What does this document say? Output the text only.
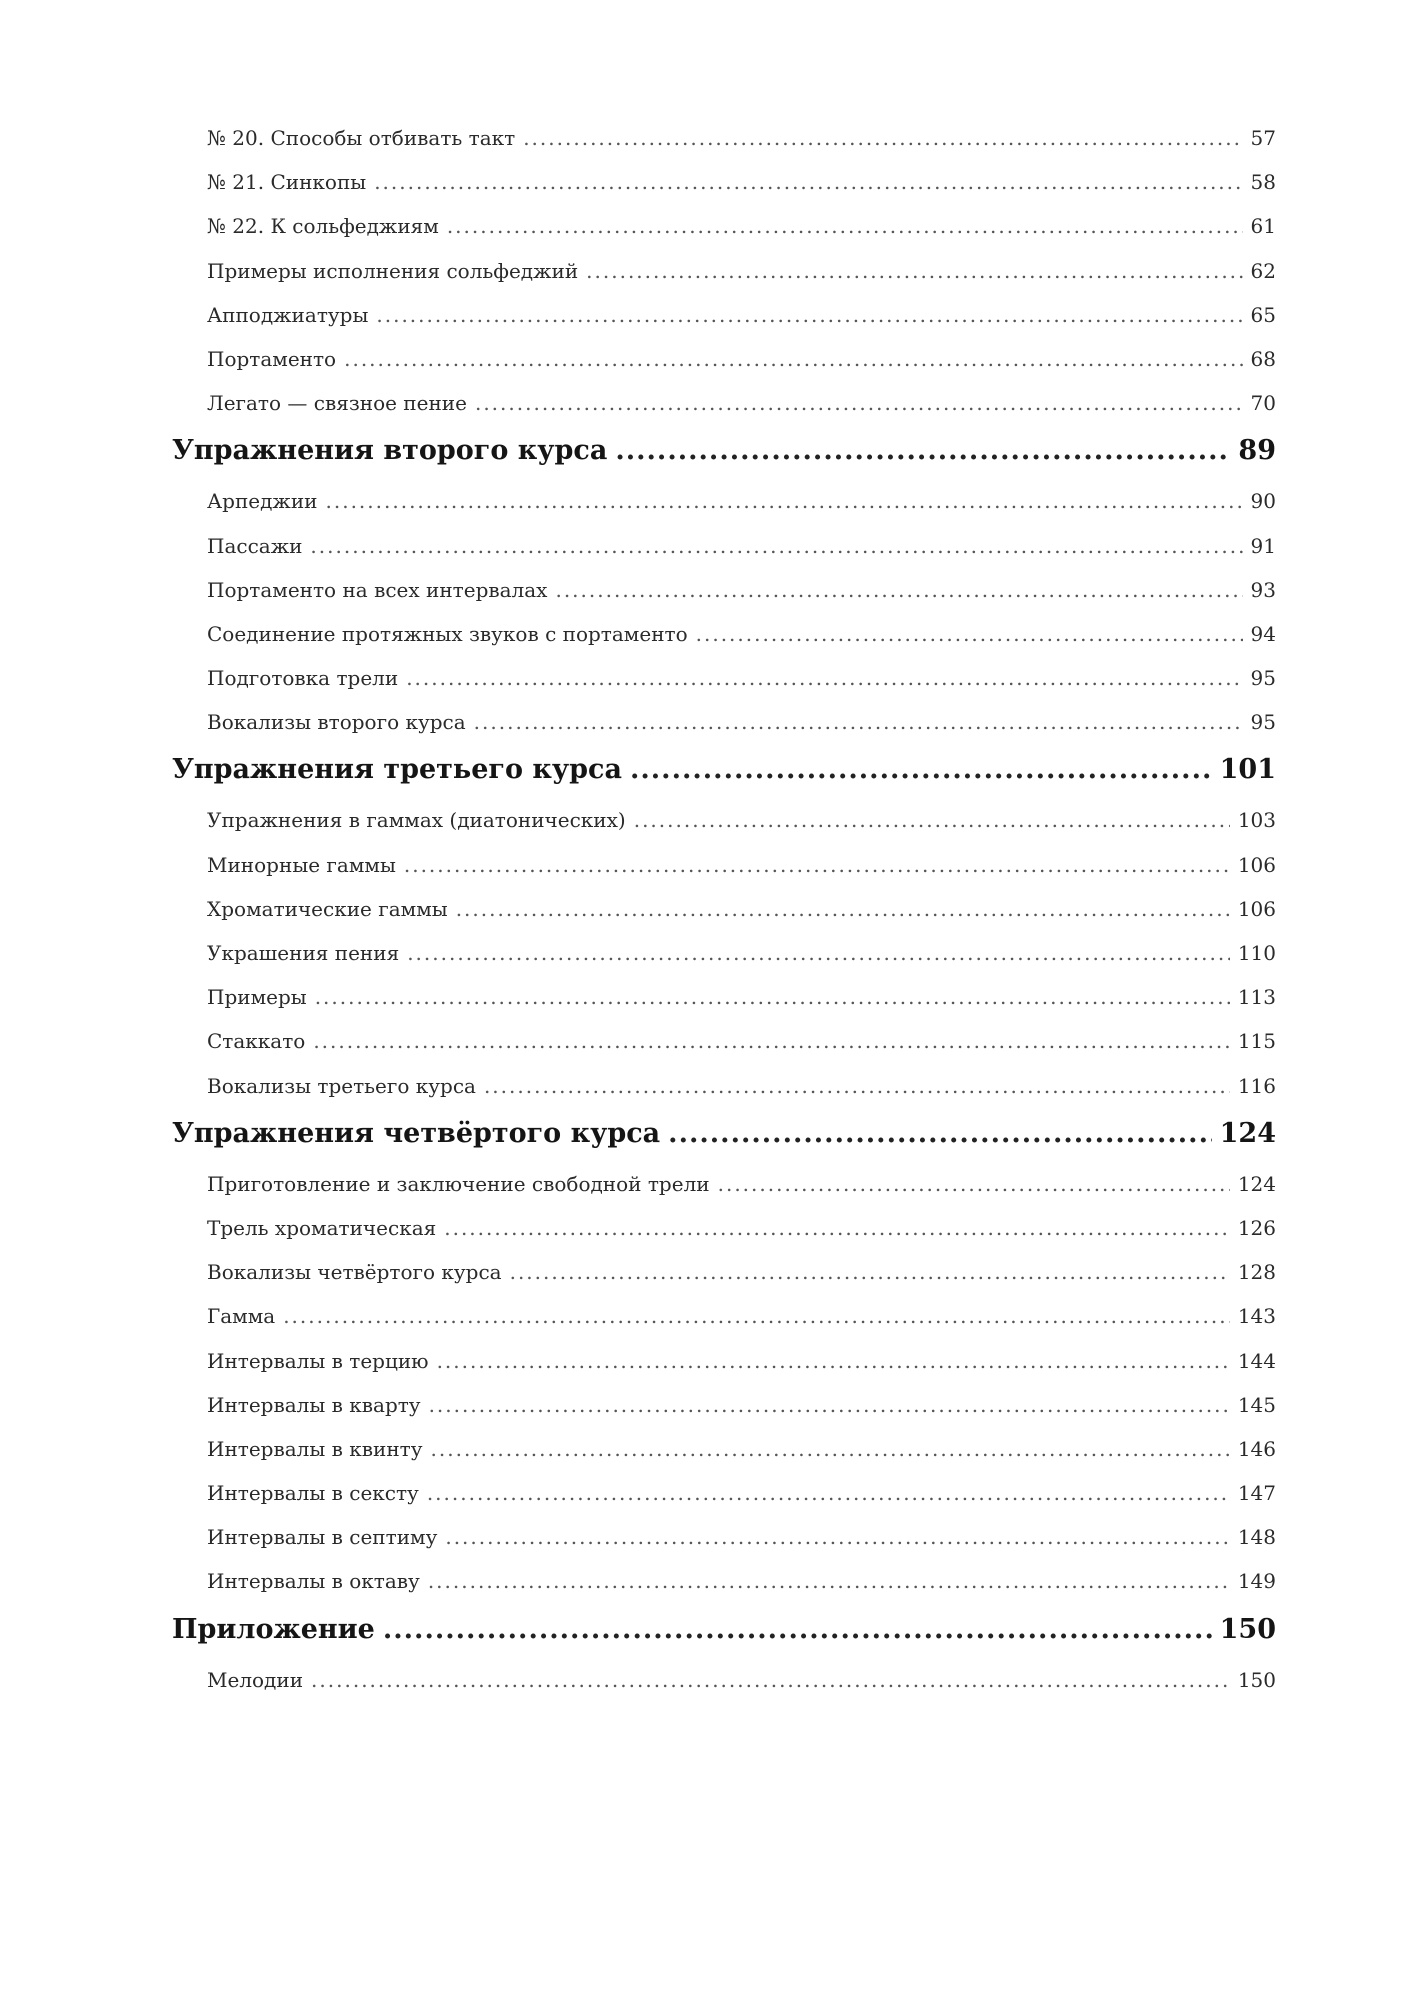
№ 20. Способы отбивать такт .....	57
№ 21. Синкопы .....	58
№ 22. К сольфеджиям .....	61
Примеры исполнения сольфеджий .....	62
Апподжиатуры .....	65
Портаменто .....	68
Легато — связное пение .....	70
Упражнения второго курса .....	89
Арпеджии .....	90
Пассажи .....	91
Портаменто на всех интервалах .....	93
Соединение протяжных звуков с портаменто .....	94
Подготовка трели .....	95
Вокализы второго курса .....	95
Упражнения третьего курса .....	101
Упражнения в гаммах (диатонических) .....	103
Минорные гаммы .....	106
Хроматические гаммы .....	106
Украшения пения .....	110
Примеры .....	113
Стаккато .....	115
Вокализы третьего курса .....	116
Упражнения четвёртого курса .....	124
Приготовление и заключение свободной трели .....	124
Трель хроматическая .....	126
Вокализы четвёртого курса .....	128
Гамма .....	143
Интервалы в терцию .....	144
Интервалы в кварту .....	145
Интервалы в квинту .....	146
Интервалы в сексту .....	147
Интервалы в септиму .....	148
Интервалы в октаву .....	149
Приложение .....	150
Мелодии .....	150
